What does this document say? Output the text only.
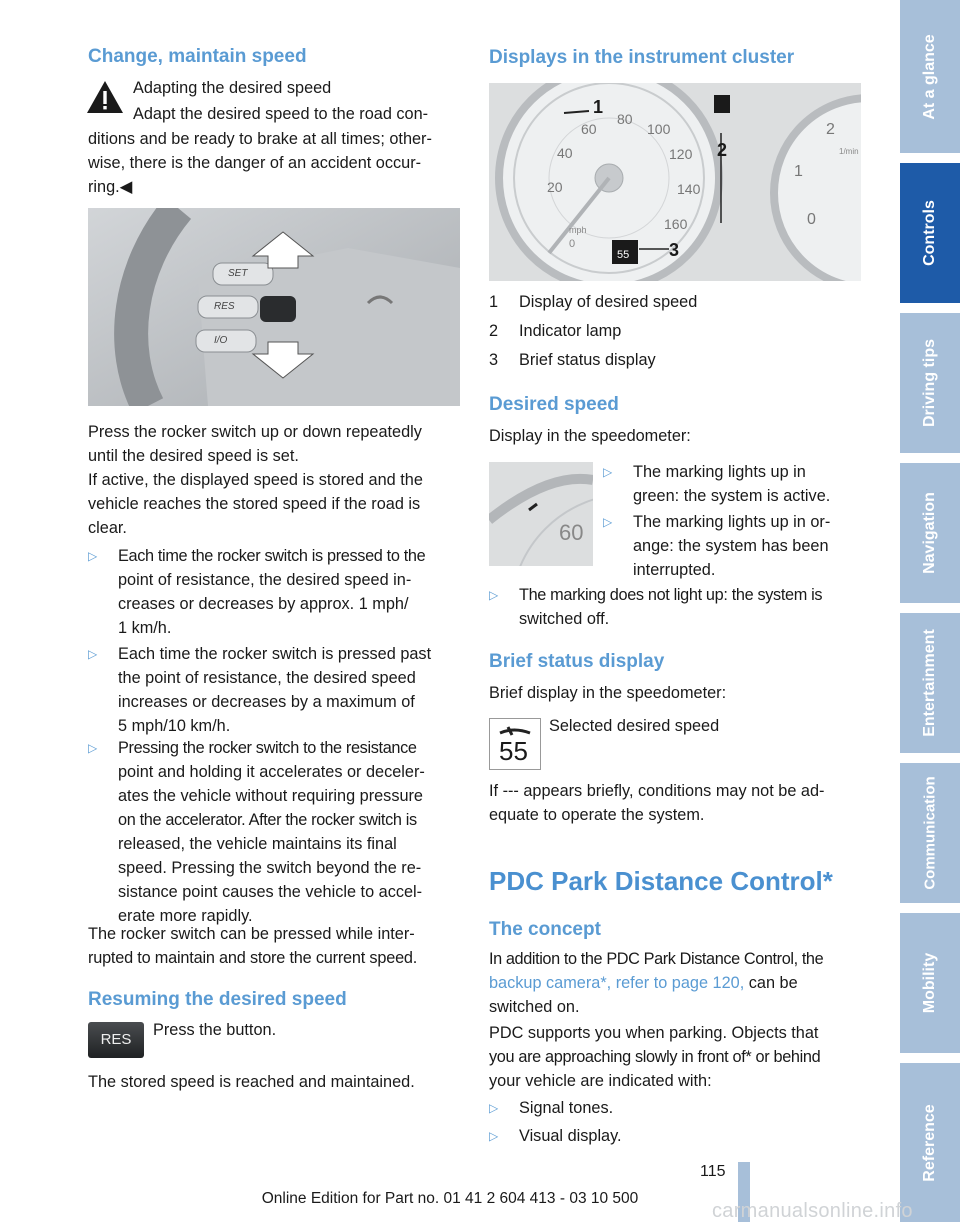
Change, maintain speed

Adapting the desired speed

Adapt the desired speed to the road con-

ditions and be ready to brake at all times; other-

wise, there is the danger of an accident occur-

ring.◀

SET
RES
I/O

Press the rocker switch up or down repeatedly

until the desired speed is set.

If active, the displayed speed is stored and the

vehicle reaches the stored speed if the road is

clear.

▷ Each time the rocker switch is pressed to the
point of resistance, the desired speed in-
creases or decreases by approx. 1 mph/
1 km/h.
▷ Each time the rocker switch is pressed past
the point of resistance, the desired speed
increases or decreases by a maximum of
5 mph/10 km/h.
▷ Pressing the rocker switch to the resistance
point and holding it accelerates or deceler-
ates the vehicle without requiring pressure
on the accelerator. After the rocker switch is
released, the vehicle maintains its final
speed. Pressing the switch beyond the re-
sistance point causes the vehicle to accel-
erate more rapidly.

The rocker switch can be pressed while inter-

rupted to maintain and store the current speed.

Resuming the desired speed
RES

Press the button.

The stored speed is reached and maintained.

Displays in the instrument cluster
80
100
60
120
40
140
20
160
0
2
1
0
mph
1/min
55
1
2
3
1 Display of desired speed
2 Indicator lamp
3 Brief status display
Desired speed

Display in the speedometer:

60
▷ The marking lights up in
green: the system is active.
▷ The marking lights up in or-
ange: the system has been
interrupted.
▷ The marking does not light up: the system is
switched off.
Brief status display

Brief display in the speedometer:

55

Selected desired speed

If --- appears briefly, conditions may not be ad-

equate to operate the system.

PDC Park Distance Control*
The concept

In addition to the PDC Park Distance Control, the

backup camera*, refer to page 120, can be

switched on.

PDC supports you when parking. Objects that

you are approaching slowly in front of* or behind

your vehicle are indicated with:

▷ Signal tones.
▷ Visual display.
At a glance
Controls
Driving tips
Navigation
Entertainment
Communication
Mobility
Reference
115
Online Edition for Part no. 01 41 2 604 413 - 03 10 500
carmanualsonline.info
